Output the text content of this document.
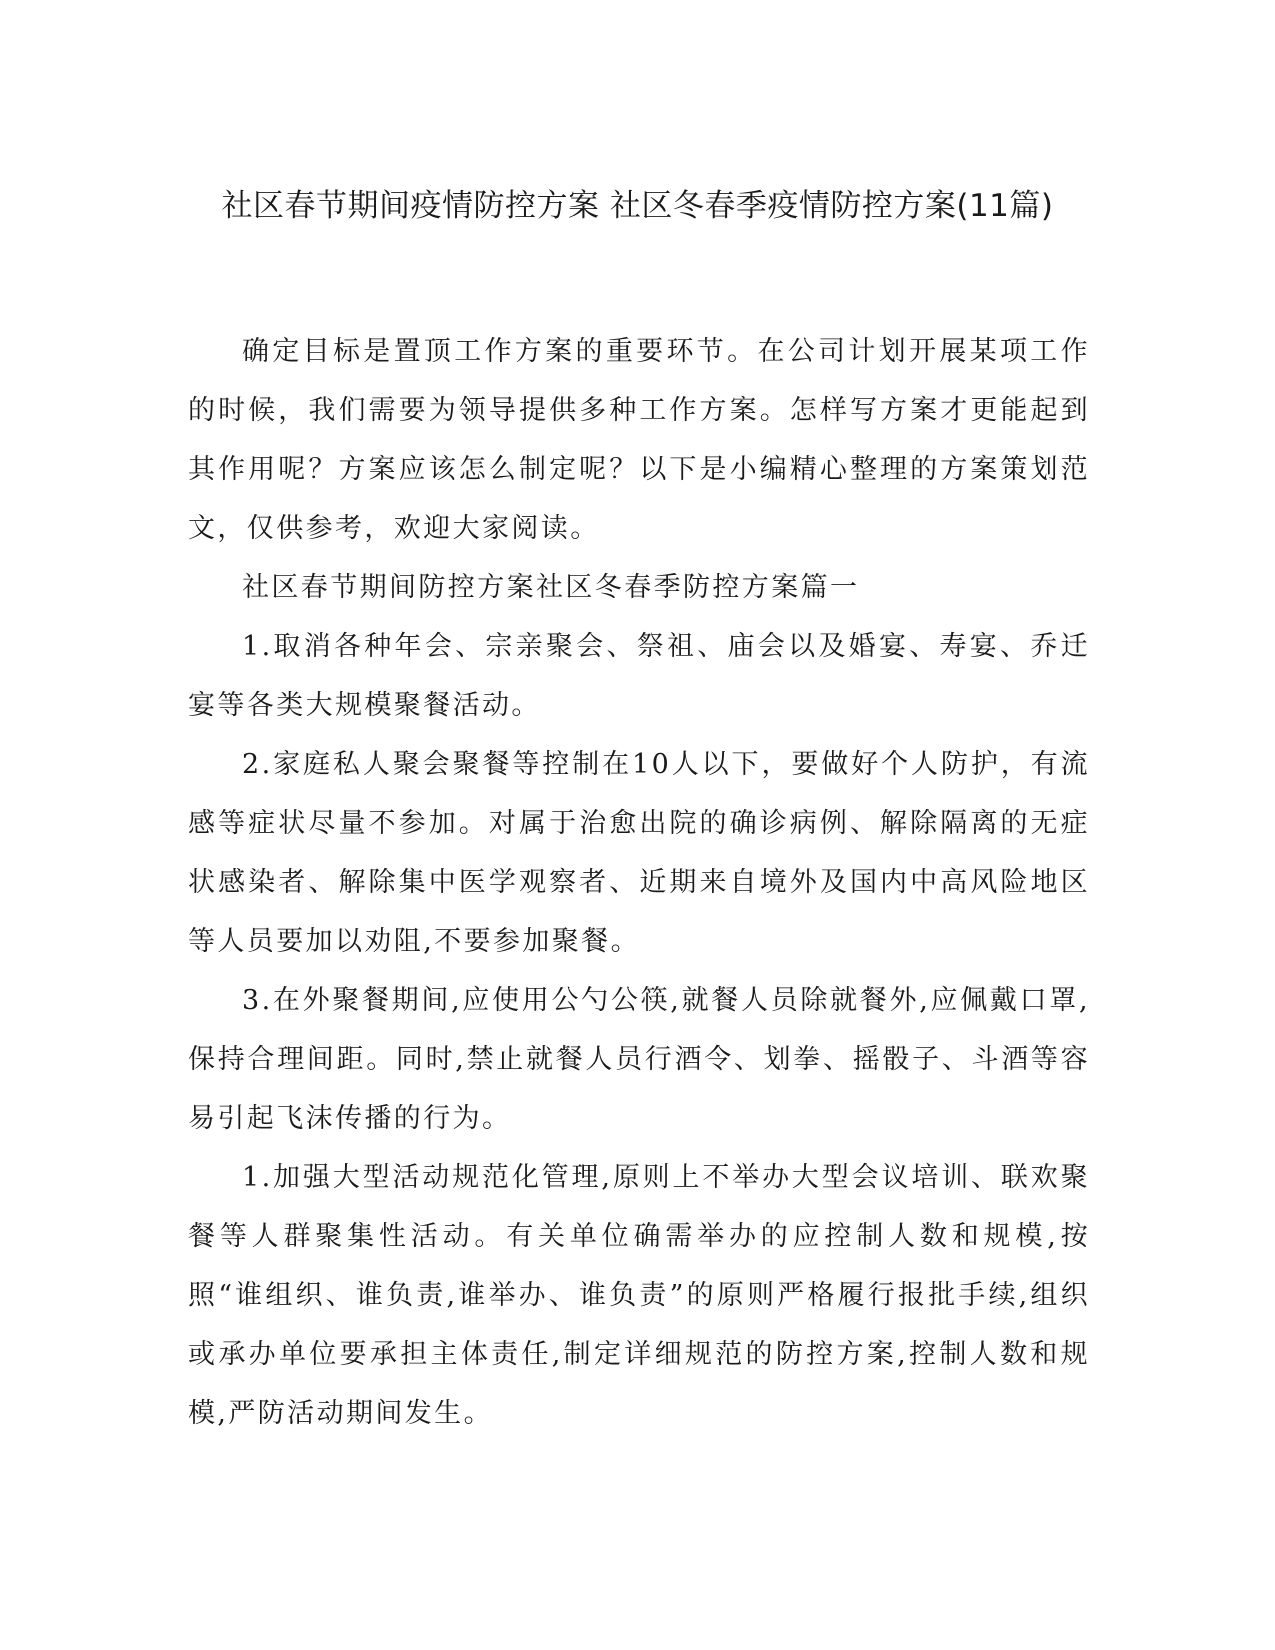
社区春节期间疫情防控方案 社区冬春季疫情防控方案(11篇)

确定目标是置顶工作方案的重要环节。在公司计划开展某项工作的时候，我们需要为领导提供多种工作方案。怎样写方案才更能起到其作用呢？方案应该怎么制定呢？以下是小编精心整理的方案策划范文，仅供参考，欢迎大家阅读。

社区春节期间防控方案社区冬春季防控方案篇一

1.取消各种年会、宗亲聚会、祭祖、庙会以及婚宴、寿宴、乔迁宴等各类大规模聚餐活动。

2.家庭私人聚会聚餐等控制在10人以下，要做好个人防护，有流感等症状尽量不参加。对属于治愈出院的确诊病例、解除隔离的无症状感染者、解除集中医学观察者、近期来自境外及国内中高风险地区等人员要加以劝阻,不要参加聚餐。

3.在外聚餐期间,应使用公勺公筷,就餐人员除就餐外,应佩戴口罩,保持合理间距。同时,禁止就餐人员行酒令、划拳、摇骰子、斗酒等容易引起飞沫传播的行为。

1.加强大型活动规范化管理,原则上不举办大型会议培训、联欢聚餐等人群聚集性活动。有关单位确需举办的应控制人数和规模,按照“谁组织、谁负责,谁举办、谁负责”的原则严格履行报批手续,组织或承办单位要承担主体责任,制定详细规范的防控方案,控制人数和规模,严防活动期间发生。
